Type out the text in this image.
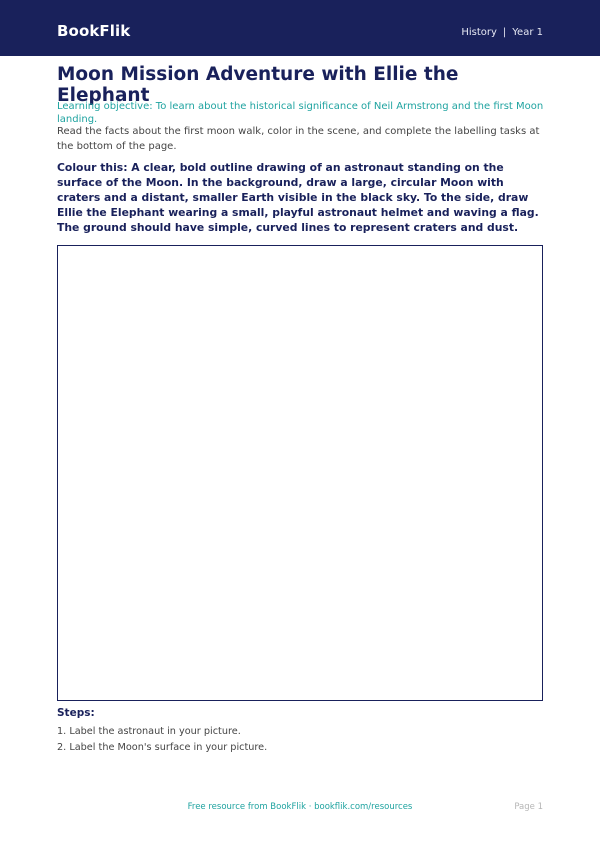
BookFlik	History | Year 1
Moon Mission Adventure with Ellie the Elephant

Learning objective: To learn about the historical significance of Neil Armstrong and the first Moon landing.

Read the facts about the first moon walk, color in the scene, and complete the labelling tasks at the bottom of the page.

Colour this: A clear, bold outline drawing of an astronaut standing on the surface of the Moon. In the background, draw a large, circular Moon with craters and a distant, smaller Earth visible in the black sky. To the side, draw Ellie the Elephant wearing a small, playful astronaut helmet and waving a flag. The ground should have simple, curved lines to represent craters and dust.

Steps:

1. Label the astronaut in your picture.
2. Label the Moon's surface in your picture.
Free resource from BookFlik · bookflik.com/resources	Page 1
